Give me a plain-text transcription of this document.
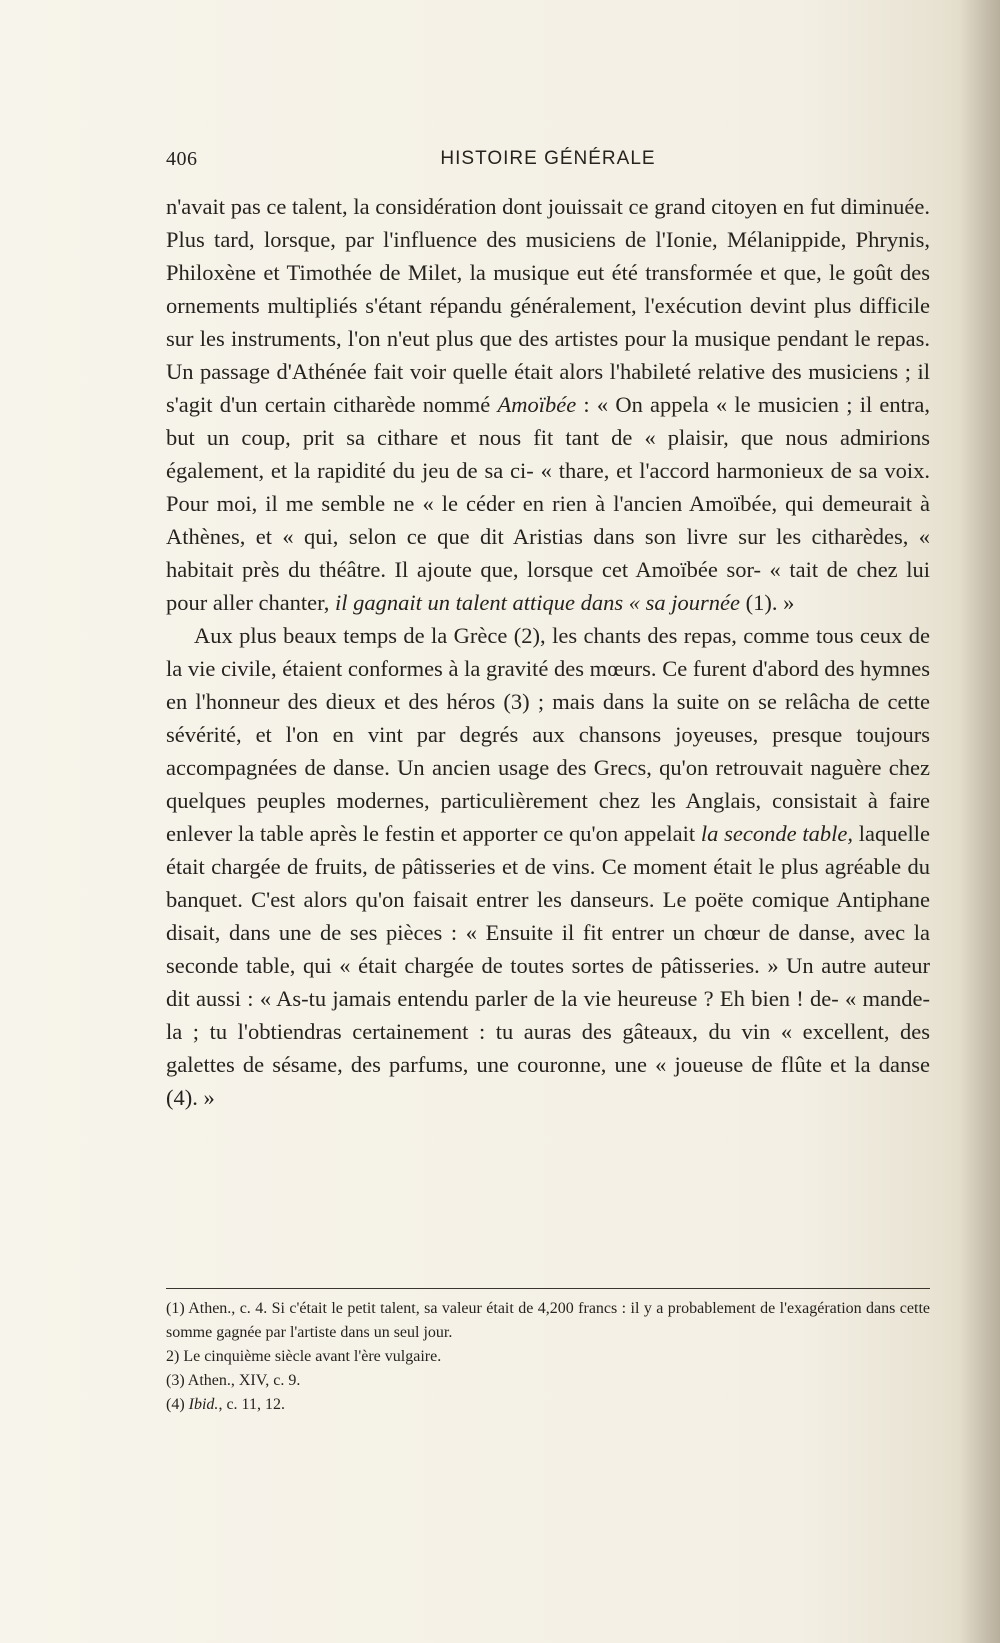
406	HISTOIRE GÉNÉRALE

n'avait pas ce talent, la considération dont jouissait ce grand citoyen en fut diminuée. Plus tard, lorsque, par l'influence des musiciens de l'Ionie, Mélanippide, Phrynis, Philoxène et Timothée de Milet, la musique eut été transformée et que, le goût des ornements multipliés s'étant répandu généralement, l'exécution devint plus difficile sur les instruments, l'on n'eut plus que des artistes pour la musique pendant le repas. Un passage d'Athénée fait voir quelle était alors l'habileté relative des musiciens ; il s'agit d'un certain citharède nommé Amoïbée : « On appela « le musicien ; il entra, but un coup, prit sa cithare et nous fit tant de « plaisir, que nous admirions également, et la rapidité du jeu de sa ci- « thare, et l'accord harmonieux de sa voix. Pour moi, il me semble ne « le céder en rien à l'ancien Amoïbée, qui demeurait à Athènes, et « qui, selon ce que dit Aristias dans son livre sur les citharèdes, « habitait près du théâtre. Il ajoute que, lorsque cet Amoïbée sor- « tait de chez lui pour aller chanter, il gagnait un talent attique dans « sa journée (1). »

Aux plus beaux temps de la Grèce (2), les chants des repas, comme tous ceux de la vie civile, étaient conformes à la gravité des mœurs. Ce furent d'abord des hymnes en l'honneur des dieux et des héros (3) ; mais dans la suite on se relâcha de cette sévérité, et l'on en vint par degrés aux chansons joyeuses, presque toujours accompagnées de danse. Un ancien usage des Grecs, qu'on retrouvait naguère chez quelques peuples modernes, particulièrement chez les Anglais, consistait à faire enlever la table après le festin et apporter ce qu'on appelait la seconde table, laquelle était chargée de fruits, de pâtisseries et de vins. Ce moment était le plus agréable du banquet. C'est alors qu'on faisait entrer les danseurs. Le poëte comique Antiphane disait, dans une de ses pièces : « Ensuite il fit entrer un chœur de danse, avec la seconde table, qui « était chargée de toutes sortes de pâtisseries. » Un autre auteur dit aussi : « As-tu jamais entendu parler de la vie heureuse ? Eh bien ! de- « mande-la ; tu l'obtiendras certainement : tu auras des gâteaux, du vin « excellent, des galettes de sésame, des parfums, une couronne, une « joueuse de flûte et la danse (4). »

(1) Athen., c. 4. Si c'était le petit talent, sa valeur était de 4,200 francs : il y a probablement de l'exagération dans cette somme gagnée par l'artiste dans un seul jour.

2) Le cinquième siècle avant l'ère vulgaire.

(3) Athen., XIV, c. 9.

(4) Ibid., c. 11, 12.
